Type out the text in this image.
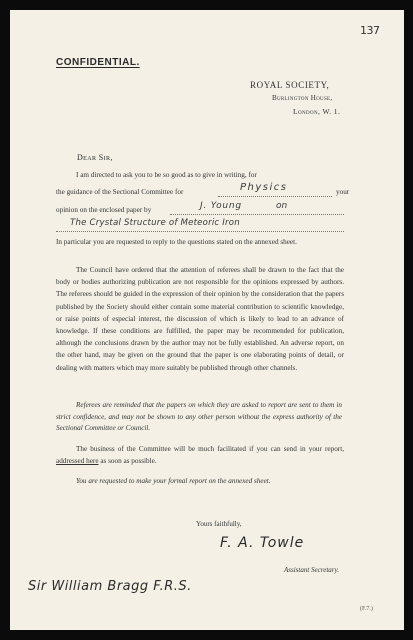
137
CONFIDENTIAL.
ROYAL SOCIETY,
Burlington House,
London, W. 1.
Dear Sir,
I am directed to ask you to be so good as to give in writing, for
the guidance of the Sectional Committee for	Physics	your
opinion on the enclosed paper by	J. Young	on
The Crystal Structure of Meteoric Iron
In particular you are requested to reply to the questions stated on the annexed sheet.
The Council have ordered that the attention of referees shall be drawn to the fact that the body or bodies authorizing publication are not responsible for the opinions expressed by authors. The referees should be guided in the expression of their opinion by the consideration that the papers published by the Society should either contain some material contribution to scientific knowledge, or raise points of especial interest, the discussion of which is likely to lead to an advance of knowledge. If these conditions are fulfilled, the paper may be recommended for publication, although the conclusions drawn by the author may not be fully established. An adverse report, on the other hand, may be given on the ground that the paper is one elaborating points of detail, or dealing with matters which may more suitably be published through other channels.
Referees are reminded that the papers on which they are asked to report are sent to them in strict confidence, and may not be shown to any other person without the express authority of the Sectional Committee or Council.
The business of the Committee will be much facilitated if you can send in your report, addressed here as soon as possible.
You are requested to make your formal report on the annexed sheet.
Yours faithfully,
F. A. Towle
Assistant Secretary.
Sir William Bragg F.R.S.
(F.7.)
